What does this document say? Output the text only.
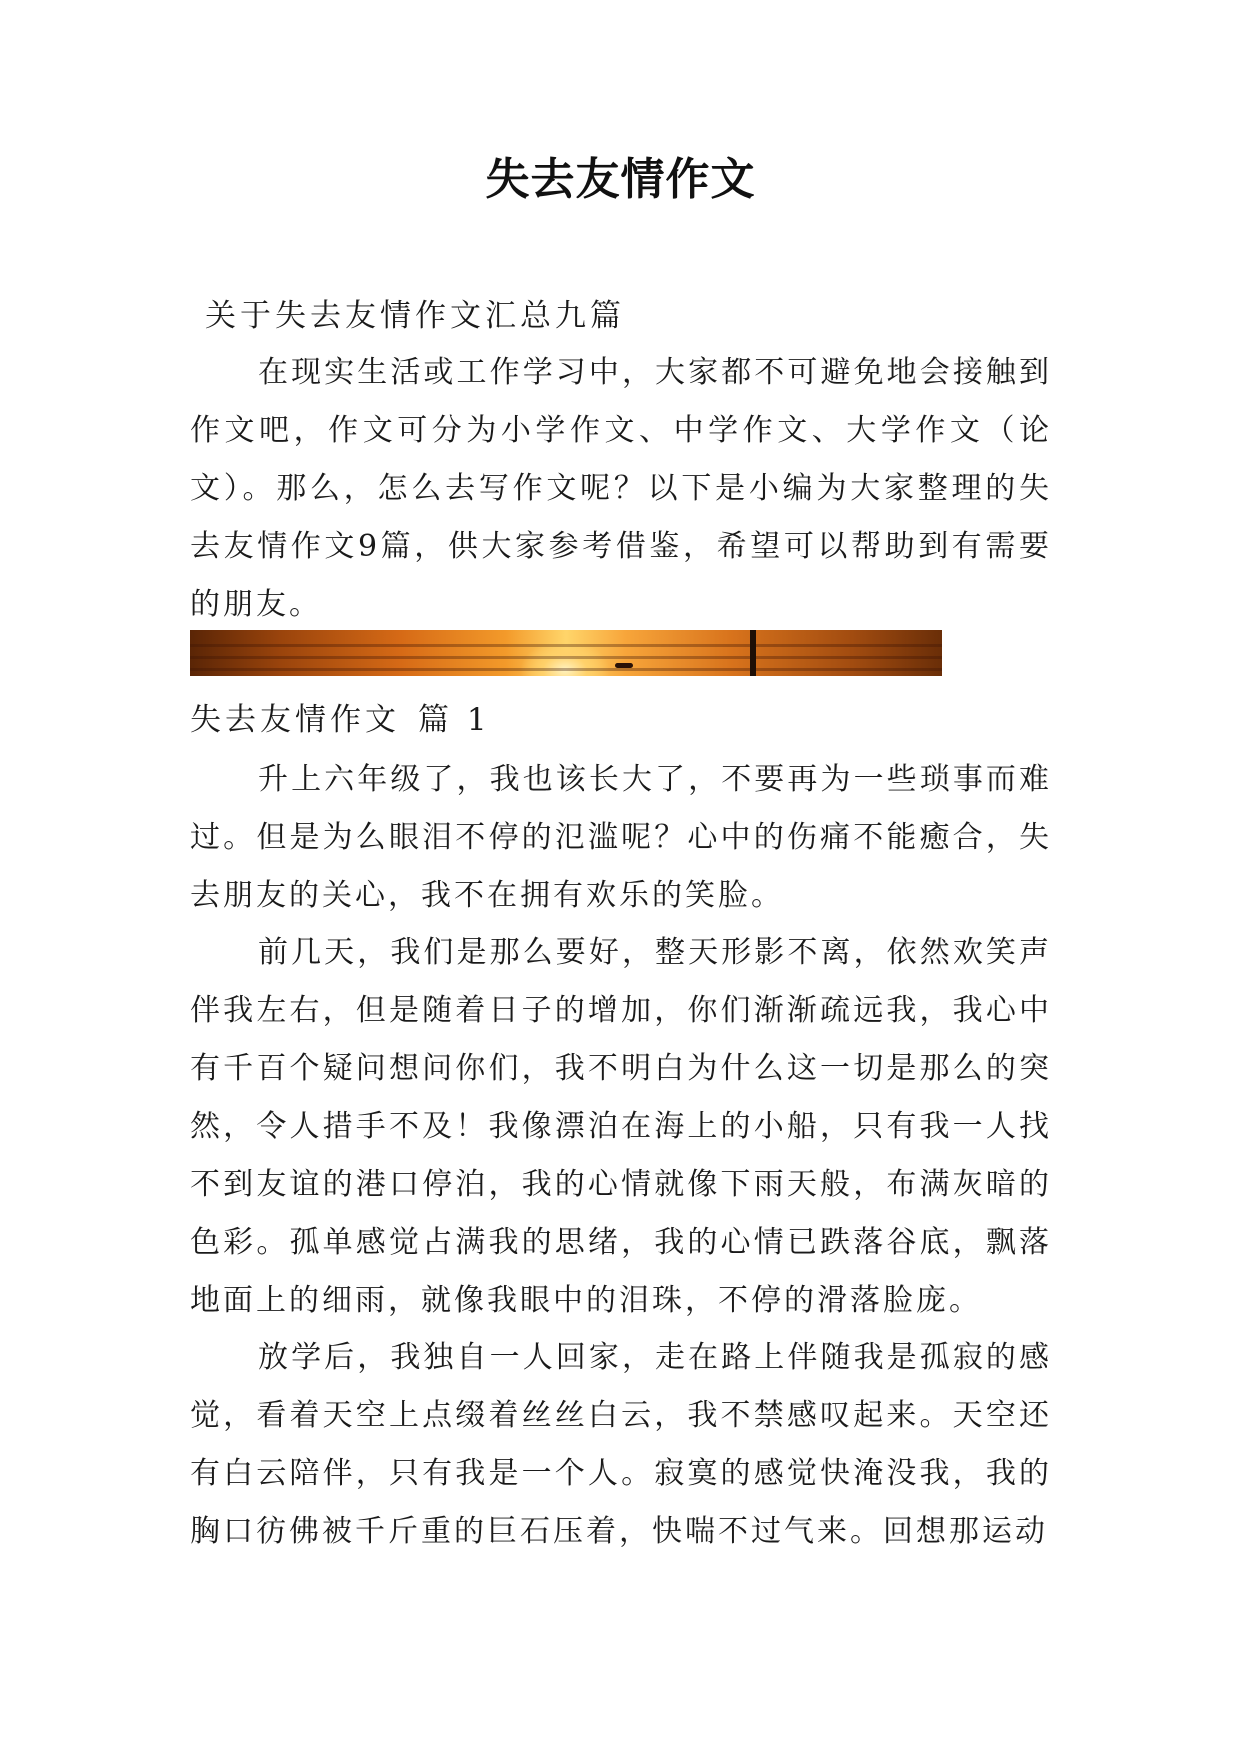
失去友情作文

关于失去友情作文汇总九篇

在现实生活或工作学习中，大家都不可避免地会接触到作文吧，作文可分为小学作文、中学作文、大学作文（论文）。那么，怎么去写作文呢？以下是小编为大家整理的失去友情作文9篇，供大家参考借鉴，希望可以帮助到有需要的朋友。

失去友情作文 篇 1

升上六年级了，我也该长大了，不要再为一些琐事而难过。但是为么眼泪不停的氾滥呢？心中的伤痛不能癒合，失去朋友的关心，我不在拥有欢乐的笑脸。

前几天，我们是那么要好，整天形影不离，依然欢笑声伴我左右，但是随着日子的增加，你们渐渐疏远我，我心中有千百个疑问想问你们，我不明白为什么这一切是那么的突然，令人措手不及！我像漂泊在海上的小船，只有我一人找不到友谊的港口停泊，我的心情就像下雨天般，布满灰暗的色彩。孤单感觉占满我的思绪，我的心情已跌落谷底，飘落地面上的细雨，就像我眼中的泪珠，不停的滑落脸庞。

放学后，我独自一人回家，走在路上伴随我是孤寂的感觉，看着天空上点缀着丝丝白云，我不禁感叹起来。天空还有白云陪伴，只有我是一个人。寂寞的感觉快淹没我，我的胸口彷佛被千斤重的巨石压着，快喘不过气来。回想那运动
